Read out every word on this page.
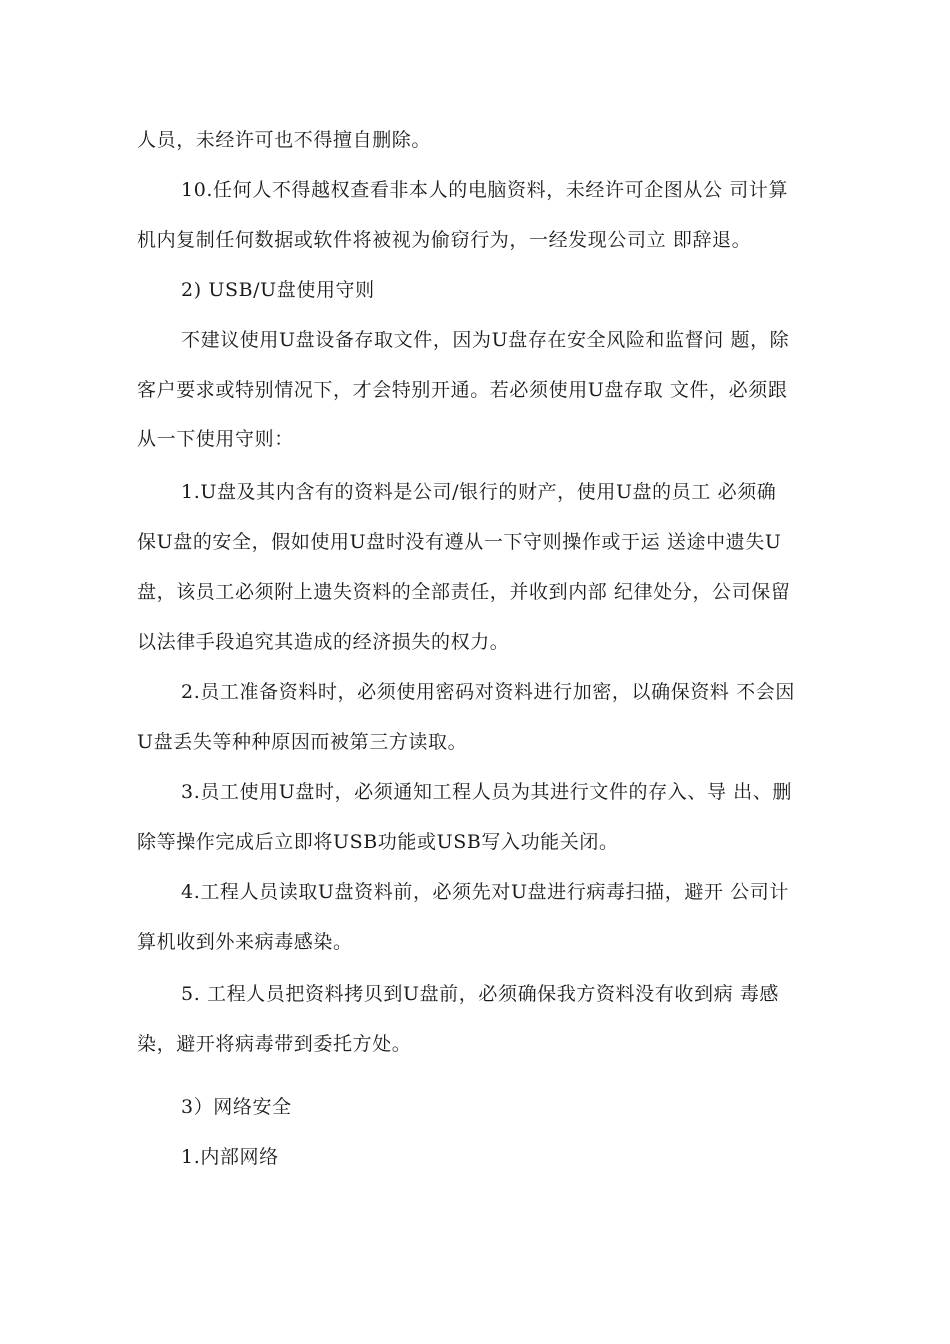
人员，未经许可也不得擅自删除。
10.任何人不得越权查看非本人的电脑资料，未经许可企图从公 司计算
机内复制任何数据或软件将被视为偷窃行为，一经发现公司立 即辞退。
2) USB/U盘使用守则
不建议使用U盘设备存取文件，因为U盘存在安全风险和监督问 题，除
客户要求或特别情况下，才会特别开通。若必须使用U盘存取 文件，必须跟
从一下使用守则：
1.U盘及其内含有的资料是公司/银行的财产，使用U盘的员工 必须确
保U盘的安全，假如使用U盘时没有遵从一下守则操作或于运 送途中遗失U
盘，该员工必须附上遗失资料的全部责任，并收到内部 纪律处分，公司保留
以法律手段追究其造成的经济损失的权力。
2.员工准备资料时，必须使用密码对资料进行加密，以确保资料 不会因
U盘丢失等种种原因而被第三方读取。
3.员工使用U盘时，必须通知工程人员为其进行文件的存入、导 出、删
除等操作完成后立即将USB功能或USB写入功能关闭。
4.工程人员读取U盘资料前，必须先对U盘进行病毒扫描，避开 公司计
算机收到外来病毒感染。
5. 工程人员把资料拷贝到U盘前，必须确保我方资料没有收到病 毒感
染，避开将病毒带到委托方处。
3）网络安全
1.内部网络
